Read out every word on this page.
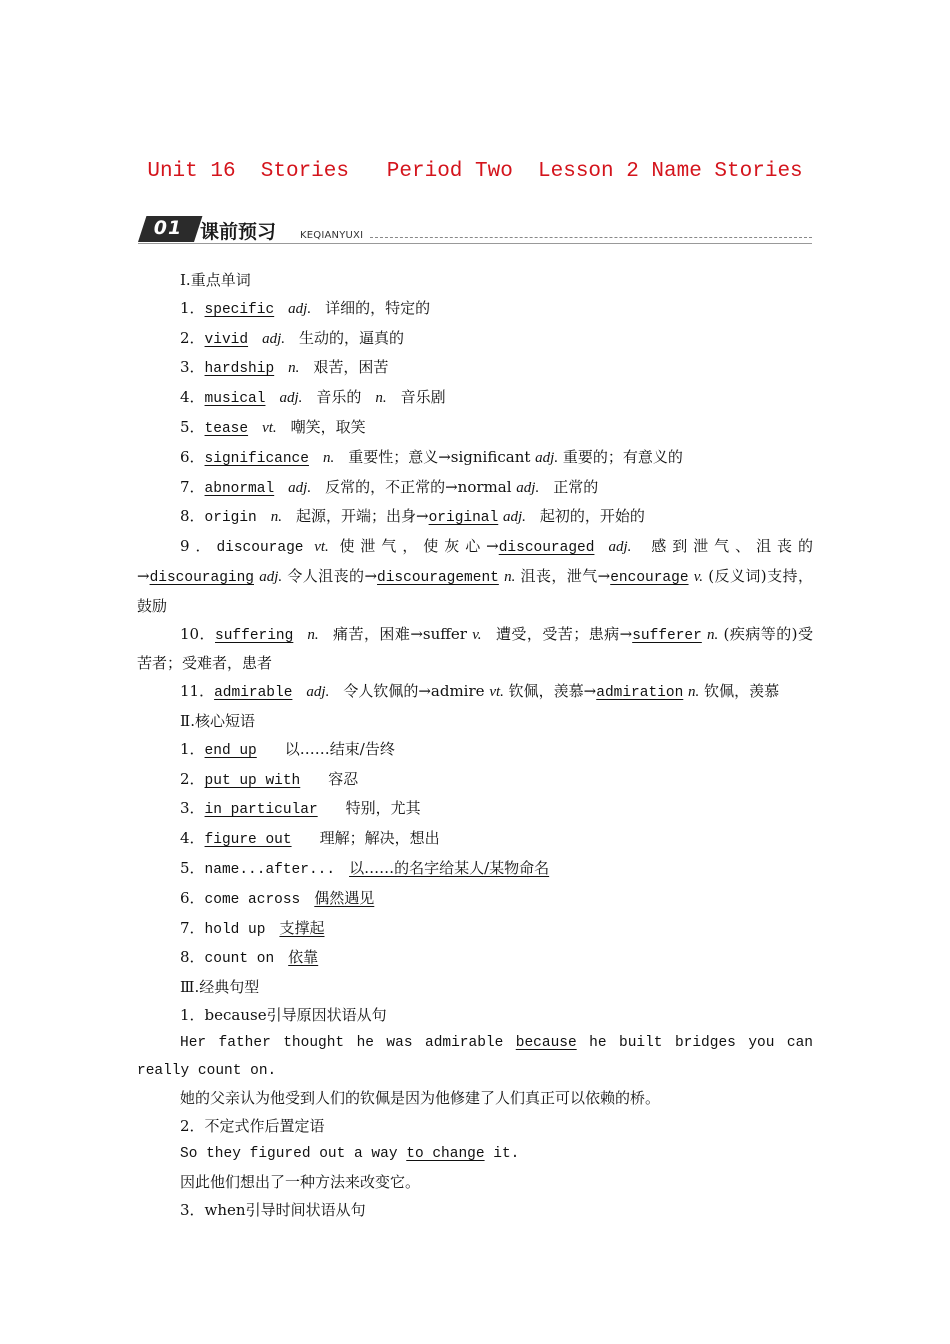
Unit 16  Stories   Period Two  Lesson 2 Name Stories
01 课前预习 KEQIANYUXI

Ⅰ.重点单词

1．specific adj. 详细的，特定的

2．vivid adj. 生动的，逼真的

3．hardship n. 艰苦，困苦

4．musical adj. 音乐的 n. 音乐剧

5．tease vt. 嘲笑，取笑

6．significance n. 重要性；意义→significant adj. 重要的；有意义的

7．abnormal adj. 反常的，不正常的→normal adj. 正常的

8．origin n. 起源，开端；出身→original adj. 起初的，开始的

9．discourage vt. 使泄气，使灰心→discouraged adj. 感到泄气、沮丧的→discouraging adj. 令人沮丧的→discouragement n. 沮丧，泄气→encourage v. (反义词)支持，鼓励

10．suffering n. 痛苦，困难→suffer v. 遭受，受苦；患病→sufferer n. (疾病等的)受苦者；受难者，患者

11．admirable adj. 令人钦佩的→admire vt. 钦佩，羡慕→admiration n. 钦佩，羡慕

Ⅱ.核心短语

1．end up 以……结束/告终

2．put up with 容忍

3．in particular 特别，尤其

4．figure out 理解；解决，想出

5．name...after... 以……的名字给某人/某物命名

6．come across 偶然遇见

7．hold up 支撑起

8．count on 依靠

Ⅲ.经典句型

1．because引导原因状语从句

Her father thought he was admirable because he built bridges you can really count on.

她的父亲认为他受到人们的钦佩是因为他修建了人们真正可以依赖的桥。

2．不定式作后置定语

So they figured out a way to change it.

因此他们想出了一种方法来改变它。

3．when引导时间状语从句
